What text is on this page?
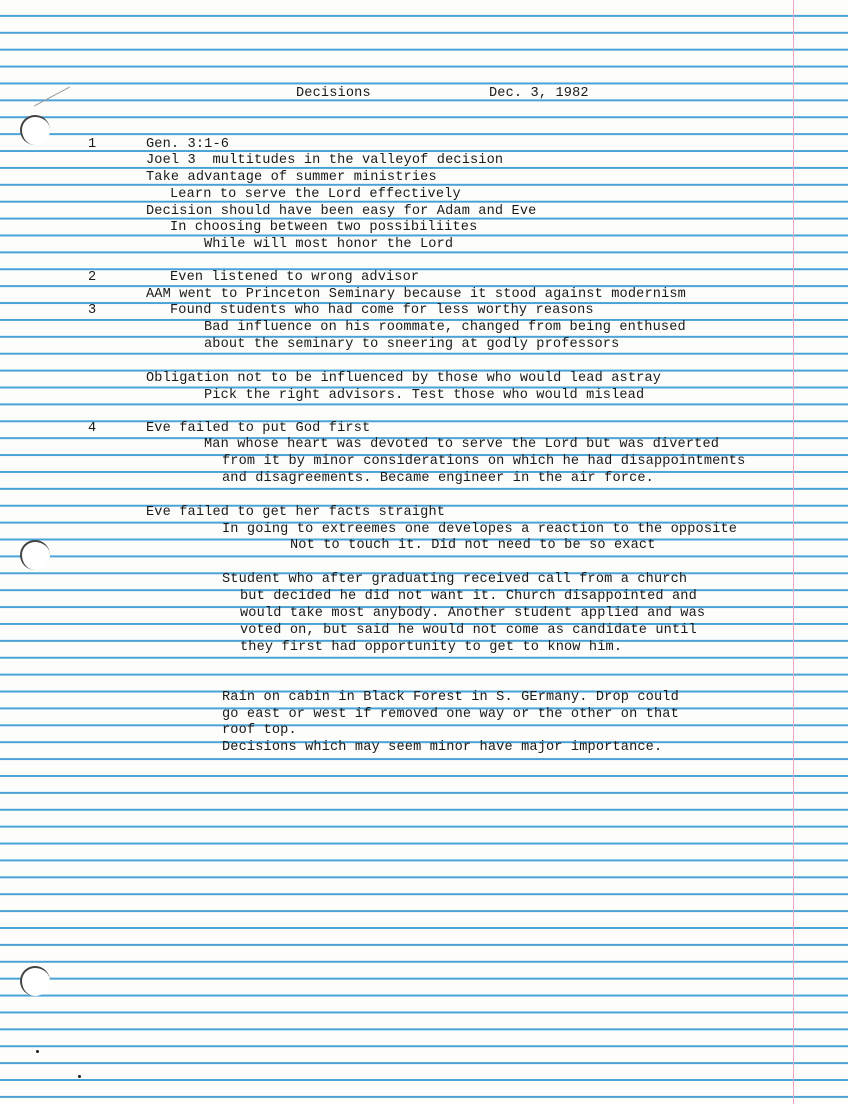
Decisions	Dec. 3, 1982
1
2
3
4
Gen. 3:1-6
Joel 3  multitudes in the valleyof decision
Take advantage of summer ministries
Learn to serve the Lord effectively
Decision should have been easy for Adam and Eve
In choosing between two possibiliites
While will most honor the Lord
Even listened to wrong advisor
AAM went to Princeton Seminary because it stood against modernism
Found students who had come for less worthy reasons
Bad influence on his roommate, changed from being enthused
about the seminary to sneering at godly professors
Obligation not to be influenced by those who would lead astray
Pick the right advisors. Test those who would mislead
Eve failed to put God first
Man whose heart was devoted to serve the Lord but was diverted
from it by minor considerations on which he had disappointments
and disagreements. Became engineer in the air force.
Eve failed to get her facts straight
In going to extreemes one developes a reaction to the opposite
Not to touch it. Did not need to be so exact
Student who after graduating received call from a church
but decided he did not want it. Church disappointed and
would take most anybody. Another student applied and was
voted on, but said he would not come as candidate until
they first had opportunity to get to know him.
Rain on cabin in Black Forest in S. GErmany. Drop could
go east or west if removed one way or the other on that
roof top.
Decisions which may seem minor have major importance.
